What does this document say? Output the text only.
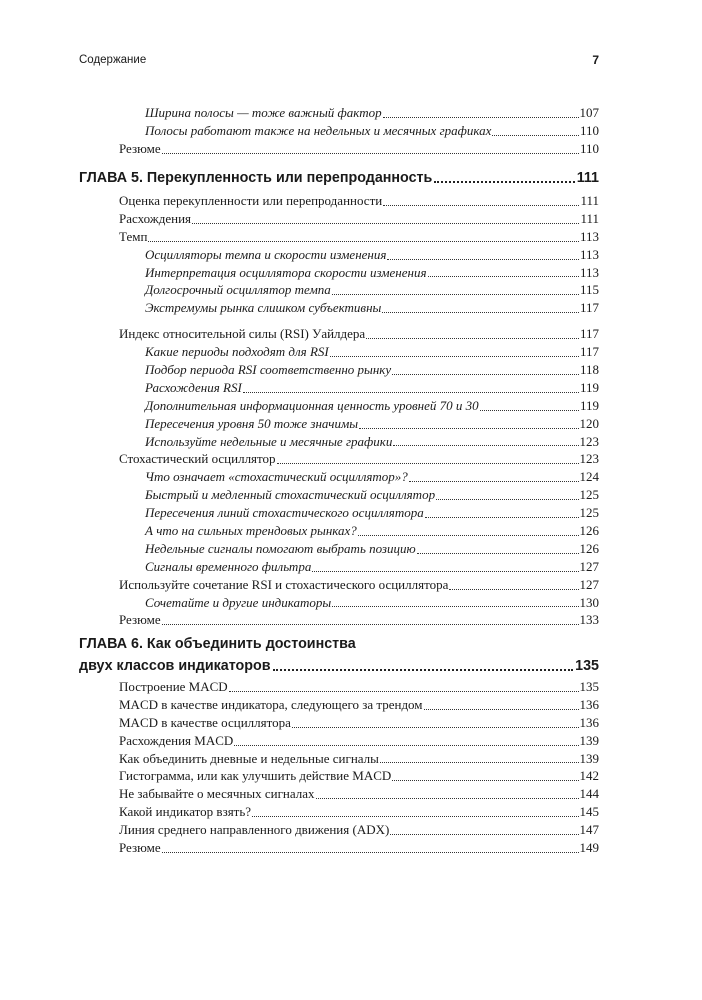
Содержание	7
Ширина полосы — тоже важный фактор	107
Полосы работают также на недельных и месячных графиках	110
Резюме	110
ГЛАВА 5. Перекупленность или перепроданность	111
Оценка перекупленности или перепроданности	111
Расхождения	111
Темп	113
Осцилляторы темпа и скорости изменения	113
Интерпретация осциллятора скорости изменения	113
Долгосрочный осциллятор темпа	115
Экстремумы рынка слишком субъективны	117
Индекс относительной силы (RSI) Уайлдера	117
Какие периоды подходят для RSI	117
Подбор периода RSI соответственно рынку	118
Расхождения RSI	119
Дополнительная информационная ценность уровней 70 и 30	119
Пересечения уровня 50 тоже значимы	120
Используйте недельные и месячные графики	123
Стохастический осциллятор	123
Что означает «стохастический осциллятор»?	124
Быстрый и медленный стохастический осциллятор	125
Пересечения линий стохастического осциллятора	125
А что на сильных трендовых рынках?	126
Недельные сигналы помогают выбрать позицию	126
Сигналы временного фильтра	127
Используйте сочетание RSI и стохастического осциллятора	127
Сочетайте и другие индикаторы	130
Резюме	133
ГЛАВА 6. Как объединить достоинства
двух классов индикаторов	135
Построение MACD	135
MACD в качестве индикатора, следующего за трендом	136
MACD в качестве осциллятора	136
Расхождения MACD	139
Как объединить дневные и недельные сигналы	139
Гистограмма, или как улучшить действие MACD	142
Не забывайте о месячных сигналах	144
Какой индикатор взять?	145
Линия среднего направленного движения (ADX)	147
Резюме	149
